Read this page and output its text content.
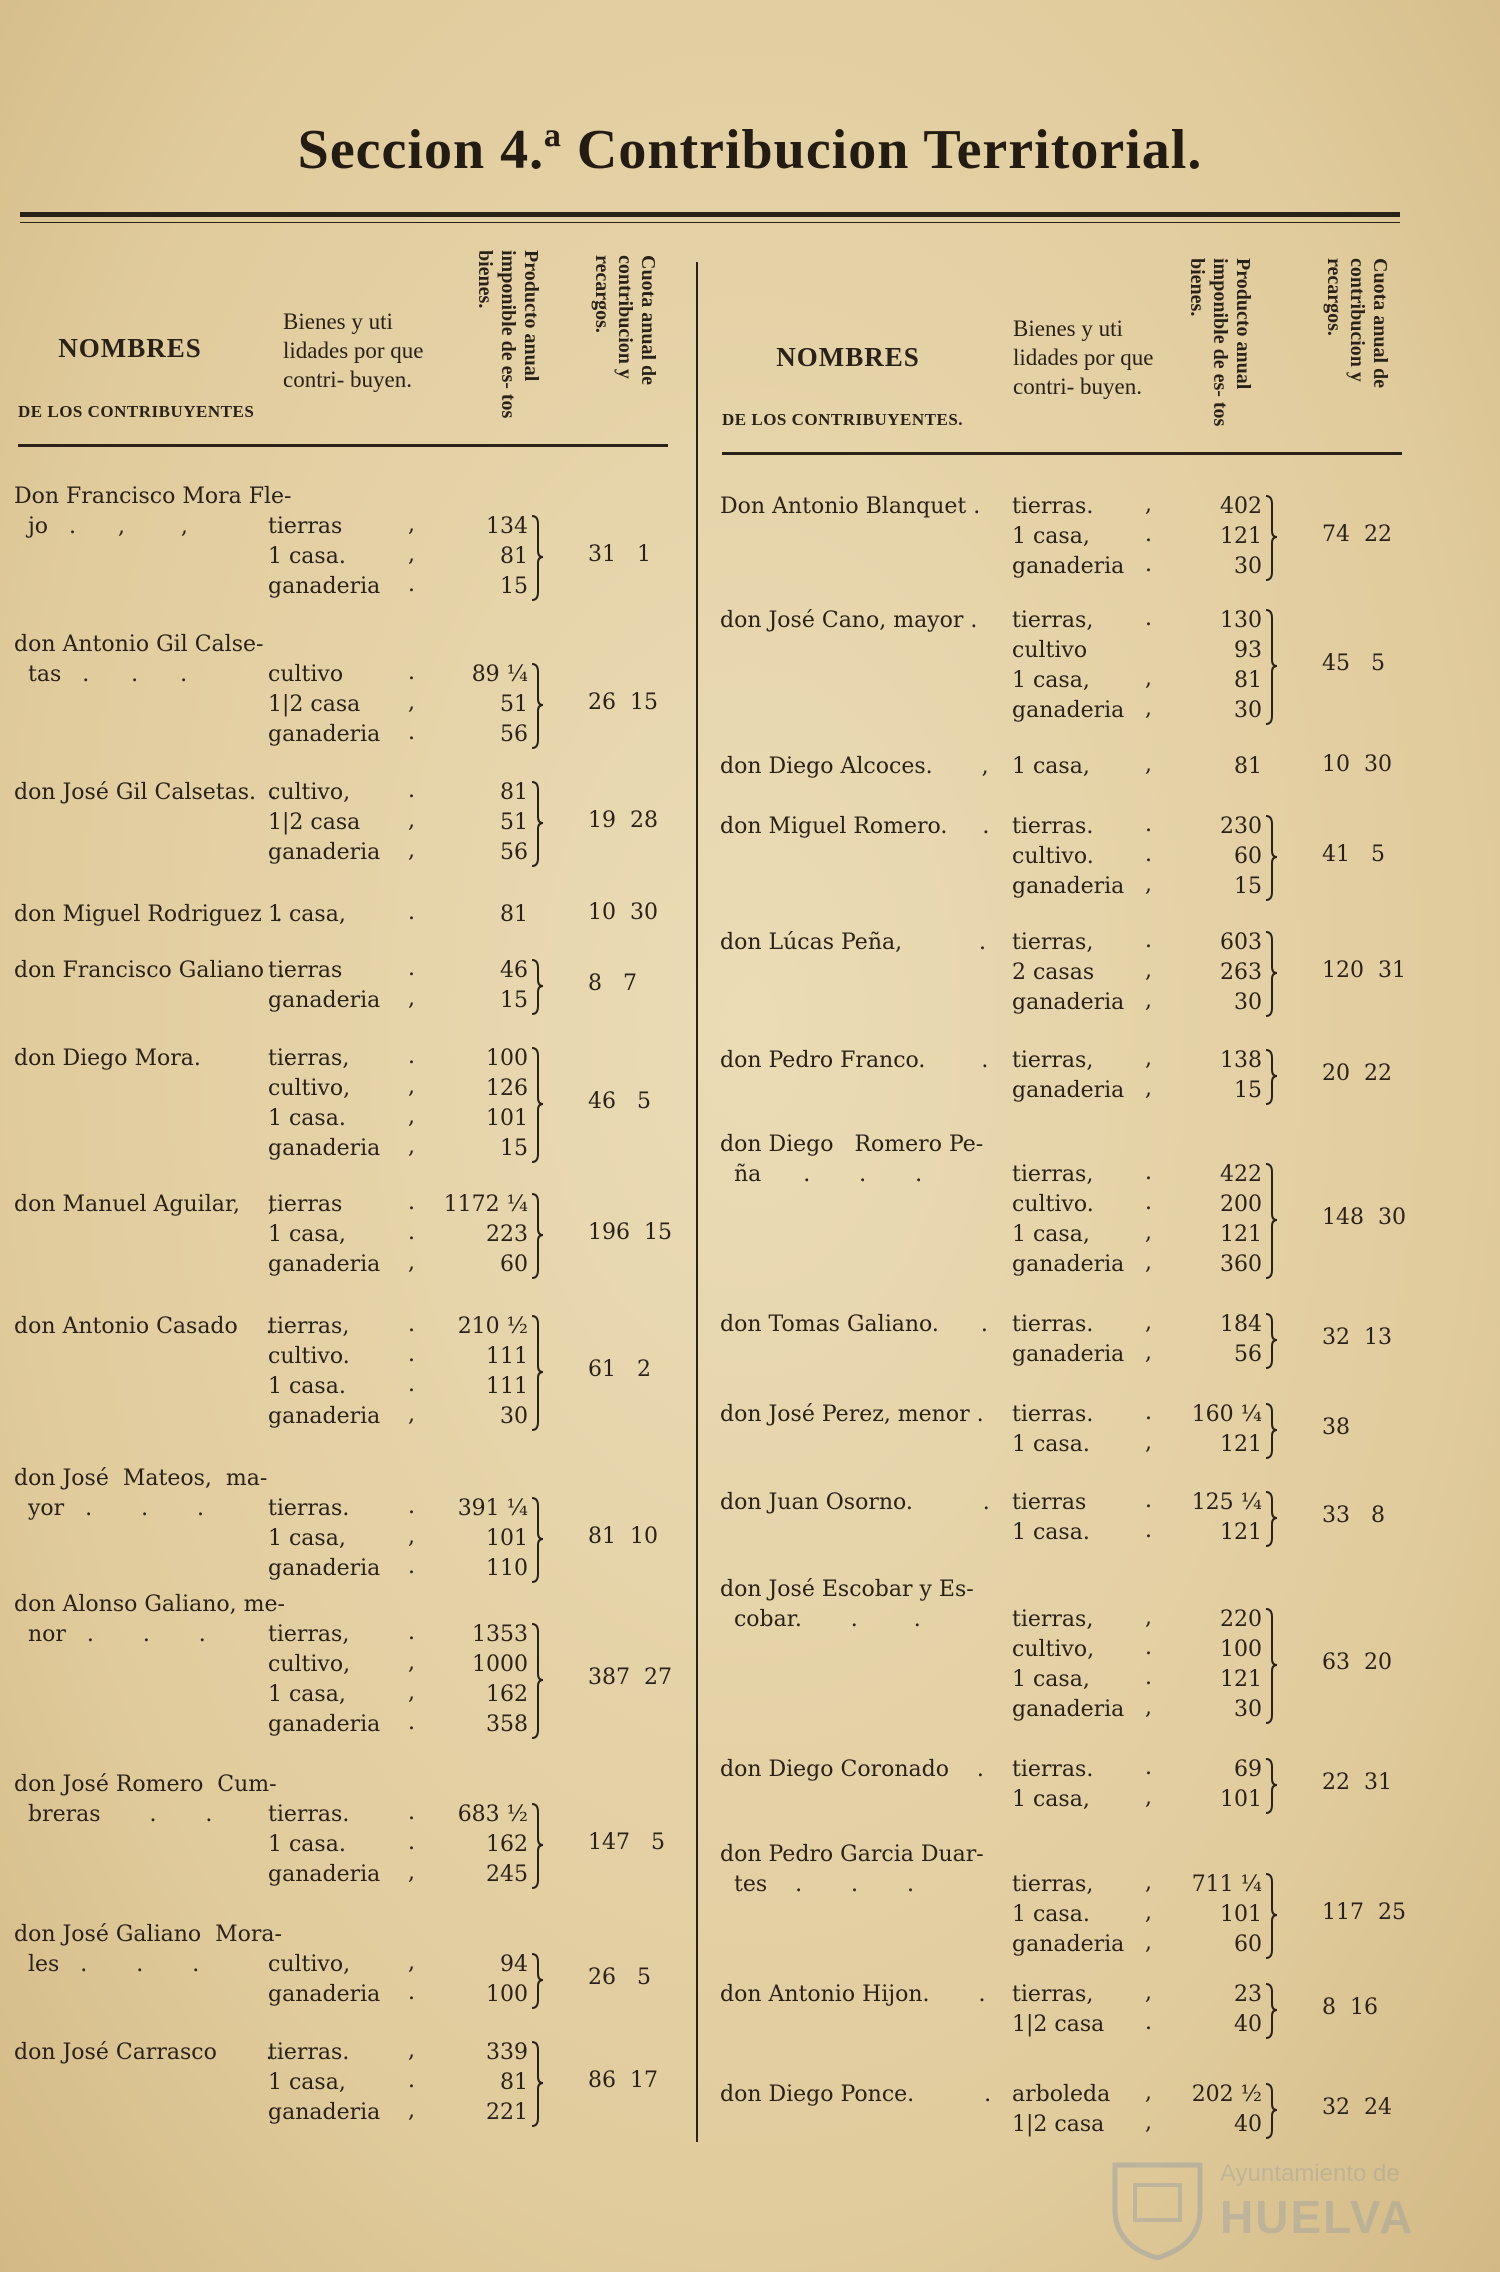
Seccion 4.ª Contribucion Territorial.
NOMBRES
DE LOS CONTRIBUYENTES
Bienes y uti lidades por que contri- buyen.	Producto anual imponible de es- tos bienes.	Cuota anual de contribucion y recargos.
NOMBRES
DE LOS CONTRIBUYENTES.
Bienes y uti lidades por que contri- buyen.	Producto anual imponible de es- tos bienes.	Cuota anual de contribucion y recargos.
Don Francisco Mora Fle-
jo   .      ,        ,	tierras	,	134
1 casa.	,	81
ganaderia .	15
31   1
don Antonio Gil Calse-
tas   .      .      .	cultivo	.	89 ¼
1|2 casa ,	51
ganaderia .	56
26  15
don José Gil Calsetas.  .
cultivo,	.	81
1|2 casa ,	51
ganaderia ,	56
19  28
don Miguel Rodriguez  .
1 casa,	.	81	10  30
don Francisco Galiano  .
tierras	.	46
ganaderia ,	15
8   7
don Diego Mora.            .
tierras,	.	100
cultivo,	,	126
1 casa.	,	101
ganaderia ,	15
46   5
don Manuel Aguilar,    ,
tierras	.	1172 ¼
1 casa,	.	223
ganaderia ,	60
196  15
don Antonio Casado    .
tierras,	.	210 ½
cultivo.	.	111
1 casa.	.	111
ganaderia ,	30
61   2
don José  Mateos,  ma-
yor   .       .       .	tierras.	.	391 ¼
1 casa,	,	101
ganaderia .	110
81  10
don Alonso Galiano, me-
nor   .       .       .	tierras,	.	1353
cultivo,	,	1000
1 casa,	,	162
ganaderia .	358
387  27
don José Romero  Cum-
breras       .       .	tierras.	.	683 ½
1 casa.	.	162
ganaderia ,	245
147   5
don José Galiano  Mora-
les   .       .       .	cultivo,	,	94
ganaderia .	100
26   5
don José Carrasco       .
tierras.	,	339
1 casa,	.	81
ganaderia ,	221
86  17
Don Antonio Blanquet . tierras. ,	402
1 casa,	.	121
ganaderia .	30
74  22
don José Cano, mayor . tierras, .	130
cultivo	93
1 casa,	,	81
ganaderia ,	30
45   5
don Diego Alcoces.       , 1 casa,	,	81	10  30
don Miguel Romero.     . tierras. .	230
cultivo. .	60
ganaderia ,	15
41   5
don Lúcas Peña,           . tierras, .	603
2 casas ,	263
ganaderia ,	30
120  31
don Pedro Franco.        . tierras, ,	138
ganaderia ,	15
20  22
don Diego   Romero Pe-
ña      .       .       .	tierras, .	422
cultivo. .	200
1 casa,	,	121
ganaderia ,	360
148  30
don Tomas Galiano.      . tierras. ,	184
ganaderia ,	56
32  13
don José Perez, menor . tierras. .	160 ¼
1 casa.	,	121
38
don Juan Osorno.          . tierras	.	125 ¼
1 casa.	.	121
33   8
don José Escobar y Es-
cobar.       .        .	tierras, ,	220
cultivo, .	100
1 casa,	.	121
ganaderia ,	30
63  20
don Diego Coronado    . tierras. .	69
1 casa,	,	101
22  31
don Pedro Garcia Duar-
tes    .       .       .	tierras, ,	711 ¼
1 casa.	,	101
ganaderia ,	60
117  25
don Antonio Hijon.       . tierras, ,	23
1|2 casa .	40
8  16
don Diego Ponce.          . arboleda ,	202 ½
1|2 casa ,	40
32  24
Ayuntamiento de
HUELVA
